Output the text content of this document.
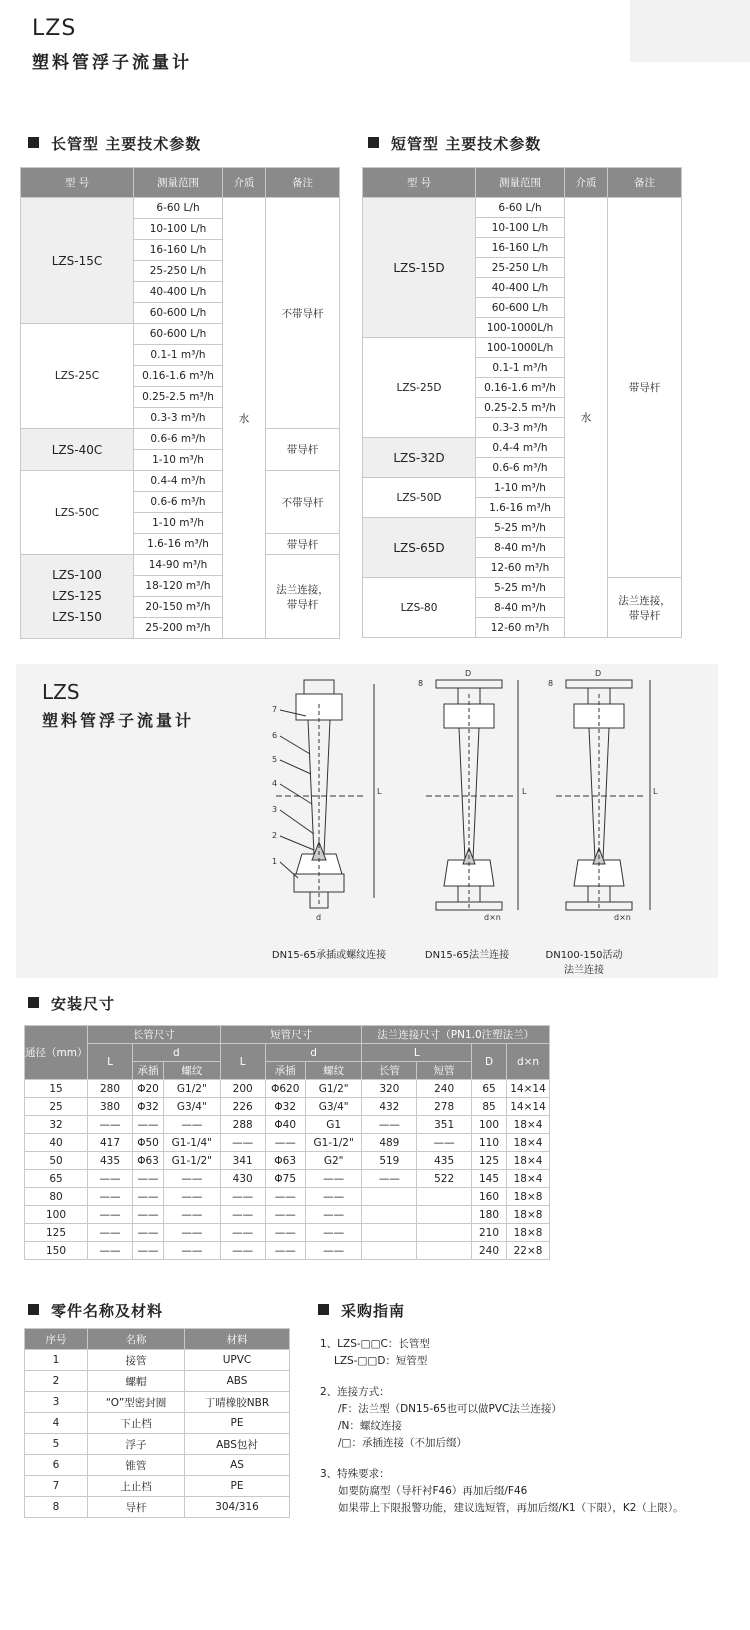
LZS
塑料管浮子流量计
长管型 主要技术参数
型 号	测量范围	介质	备注
LZS-15C	6-60 L/h	水	不带导杆
	10-100 L/h		
	16-160 L/h		
	25-250 L/h		
	40-400 L/h		
	60-600 L/h		
LZS-25C	60-600 L/h		
	0.1-1 m³/h		
	0.16-1.6 m³/h		
	0.25-2.5 m³/h		
	0.3-3 m³/h		
LZS-40C	0.6-6 m³/h		带导杆
	1-10 m³/h		
LZS-50C	0.4-4 m³/h		不带导杆
	0.6-6 m³/h		
	1-10 m³/h		
	1.6-16 m³/h		带导杆
LZS-100
LZS-125
LZS-150	14-90 m³/h		法兰连接，带导杆
	18-120 m³/h		
	20-150 m³/h		
	25-200 m³/h		
短管型 主要技术参数
型 号	测量范围	介质	备注
LZS-15D	6-60 L/h	水	带导杆
	10-100 L/h		
	16-160 L/h		
	25-250 L/h		
	40-400 L/h		
	60-600 L/h		
	100-1000L/h		
LZS-25D	100-1000L/h		
	0.1-1 m³/h		
	0.16-1.6 m³/h		
	0.25-2.5 m³/h		
	0.3-3 m³/h		
LZS-32D	0.4-4 m³/h		
	0.6-6 m³/h		
LZS-50D	1-10 m³/h		
	1.6-16 m³/h		
LZS-65D	5-25 m³/h		
	8-40 m³/h		
	12-60 m³/h		
LZS-80	5-25 m³/h		法兰连接，带导杆
	8-40 m³/h		
	12-60 m³/h		
LZS
塑料管浮子流量计
7
6
5
4
3
2
1
L
d
D
L
d×n
8
D
L
d×n
8
DN15-65承插或螺纹连接	DN15-65法兰连接	DN100-150活动法兰连接
安装尺寸
通径（mm）	长管尺寸			短管尺寸			法兰连接尺寸（PN1.0注塑法兰）			
	L	d		L	d		L		D	d×n
		承插	螺纹		承插	螺纹	长管	短管		
15	280	Φ20	G1/2"	200	Φ620	G1/2"	320	240	65	14×14
25	380	Φ32	G3/4"	226	Φ32	G3/4"	432	278	85	14×14
32	——	——	——	288	Φ40	G1	——	351	100	18×4
40	417	Φ50	G1-1/4"	——	——	G1-1/2"	489	——	110	18×4
50	435	Φ63	G1-1/2"	341	Φ63	G2"	519	435	125	18×4
65	——	——	——	430	Φ75	——	——	522	145	18×4
80	——	——	——	——	——	——			160	18×8
100	——	——	——	——	——	——			180	18×8
125	——	——	——	——	——	——			210	18×8
150	——	——	——	——	——	——			240	22×8
零件名称及材料
序号	名称	材料
1	接管	UPVC
2	螺帽	ABS
3	“O”型密封圈	丁晴橡胶NBR
4	下止档	PE
5	浮子	ABS包衬
6	锥管	AS
7	上止档	PE
8	导杆	304/316
采购指南

1、LZS-□□C：长管型

LZS-□□D：短管型

2、连接方式：

/F：法兰型（DN15-65也可以做PVC法兰连接）

/N：螺纹连接

/□：承插连接（不加后缀）

3、特殊要求：

如要防腐型（导杆衬F46）再加后缀/F46

如果带上下限报警功能，建议选短管，再加后缀/K1（下限），K2（上限）。
